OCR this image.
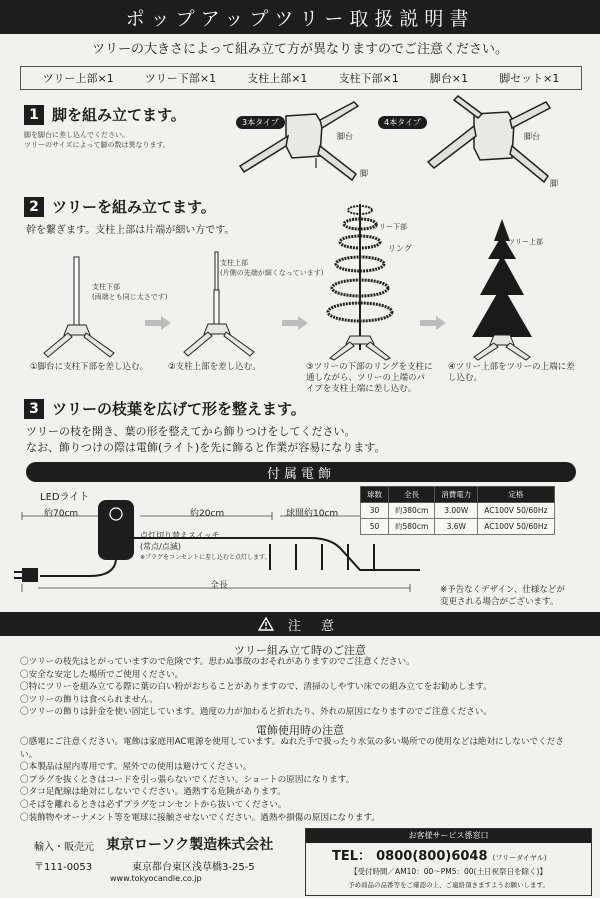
ポップアップツリー取扱説明書
ツリーの大きさによって組み立て方が異なりますのでご注意ください。
ツリー上部×1	ツリー下部×1	支柱上部×1	支柱下部×1	脚台×1	脚セット×1
1 脚を組み立てます。
脚を脚台に差し込んでください。
ツリーのサイズによって脚の数は異なります。
3本タイプ
脚台
脚
4本タイプ
脚台
脚
2 ツリーを組み立てます。
幹を繋ぎます。支柱上部は片端が細い方です。
支柱下部
(両端とも同じ太さです)
支柱上部
(片側の先端が細くなっています)
ツリー下部
リング
ツリー上部
①脚台に支柱下部を差し込む。 ②支柱上部を差し込む。	③ツリーの下部のリングを支柱に
通しながら、ツリーの上端のパ
イプを支柱上端に差し込む。
④ツリー上部をツリーの上端に差
し込む。
3 ツリーの枝葉を広げて形を整えます。
ツリーの枝を開き、葉の形を整えてから飾りつけをしてください。
なお、飾りつけの際は電飾(ライト)を先に飾ると作業が容易になります。
付属電飾
LEDライト
約70cm	約20cm	球間約10cm
点灯切り替えスイッチ
(常点/点滅)
※プラグをコンセントに差し込むと点灯します。
全長
球数	全長	消費電力	定格
30	約380cm	3.00W	AC100V 50/60Hz
50	約580cm	3.6W	AC100V 50/60Hz
※予告なくデザイン、仕様などが
変更される場合がございます。
注 意
ツリー組み立て時のご注意
〇ツリーの枝先はとがっていますので危険です。思わぬ事故のおそれがありますのでご注意ください。
〇安全な安定した場所でご使用ください。
〇特にツリーを組み立てる際に葉の白い粉がおちることがありますので、清掃のしやすい床での組み立てをお勧めします。
〇ツリーの飾りは食べられません。
〇ツリーの飾りは針金を使い固定しています。過度の力が加わると折れたり、外れの原因になりますのでご注意ください。
電飾使用時の注意
〇感電にご注意ください。電飾は家庭用AC電源を使用しています。ぬれた手で扱ったり水気の多い場所での使用などは絶対にしないでくださ
い。
〇本製品は屋内専用です。屋外での使用は避けてください。
〇プラグを抜くときはコードを引っ張らないでください。ショートの原因になります。
〇タコ足配線は絶対にしないでください。過熱する危険があります。
〇そばを離れるときは必ずプラグをコンセントから抜いてください。
〇装飾物やオーナメント等を電球に接触させないでください。過熱や損傷の原因になります。
輸入・販売元 東京ローソク製造株式会社
〒111-0053	東京都台東区浅草橋3-25-5
www.tokyocandle.co.jp
お客様サービス係窓口
TEL： 0800(800)6048 (フリーダイヤル)
【受付時間／AM10：00～PM5：00(土日祝祭日を除く)】
予め商品の品番等をご確認の上、ご連絡頂きますようお願いします。
